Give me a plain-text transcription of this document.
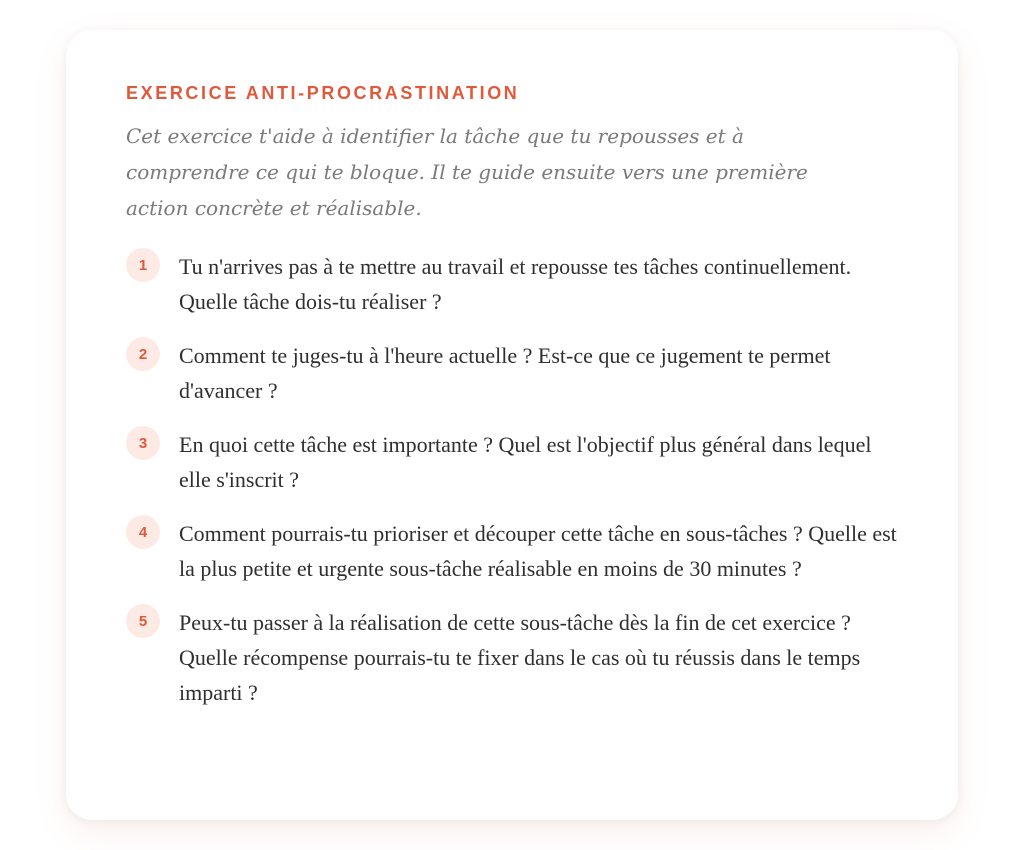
EXERCICE ANTI-PROCRASTINATION

Cet exercice t'aide à identifier la tâche que tu repousses et à comprendre ce qui te bloque. Il te guide ensuite vers une première action concrète et réalisable.

1	Tu n'arrives pas à te mettre au travail et repousse tes tâches continuellement. Quelle tâche dois-tu réaliser ?

2	Comment te juges-tu à l'heure actuelle ? Est-ce que ce jugement te permet d'avancer ?

3	En quoi cette tâche est importante ? Quel est l'objectif plus général dans lequel elle s'inscrit ?

4	Comment pourrais-tu prioriser et découper cette tâche en sous-tâches ? Quelle est la plus petite et urgente sous-tâche réalisable en moins de 30 minutes ?

5	Peux-tu passer à la réalisation de cette sous-tâche dès la fin de cet exercice ? Quelle récompense pourrais-tu te fixer dans le cas où tu réussis dans le temps imparti ?
